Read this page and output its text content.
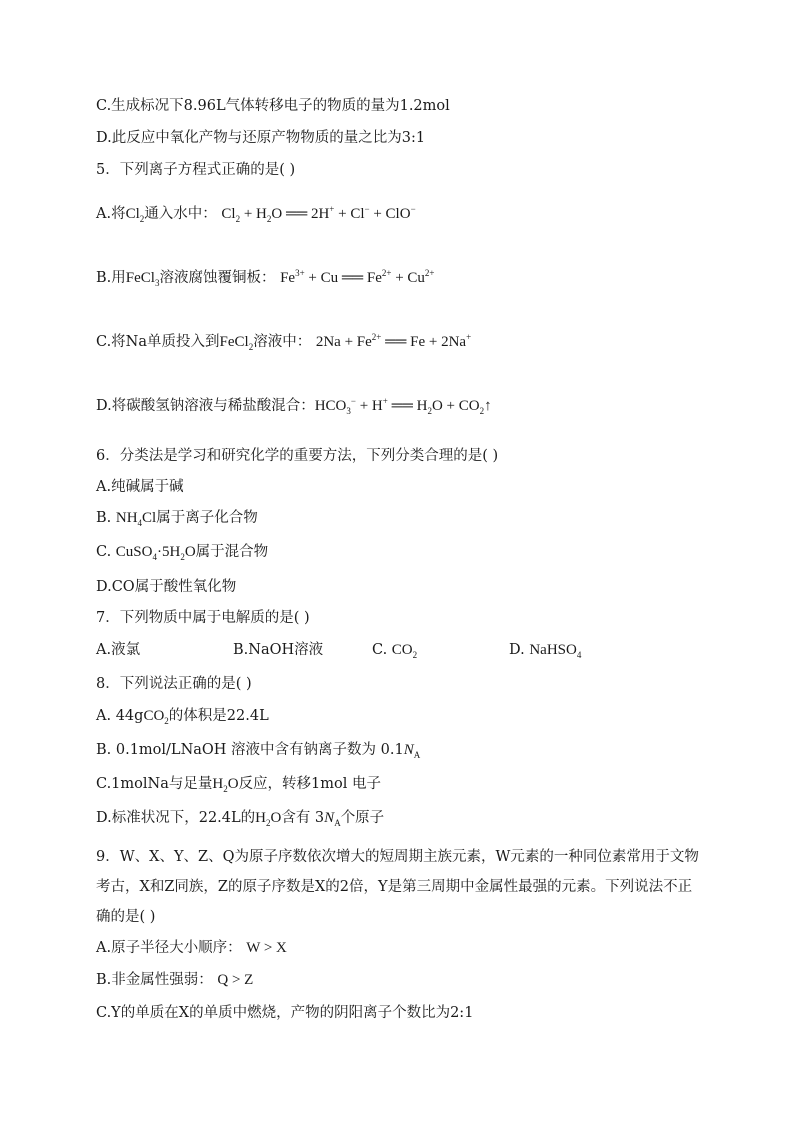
C.生成标况下8.96L气体转移电子的物质的量为1.2mol
D.此反应中氧化产物与还原产物物质的量之比为3:1
5．下列离子方程式正确的是( )
A.将$Cl_2$通入水中： $Cl_2 + H_2O$ ══ 2H+ + Cl− + ClO−
B.用FeCl$_3$溶液腐蚀覆铜板： $Fe^{3+} + Cu$ ══ $Fe^{2+} + Cu^{2+}$
C.将Na单质投入到FeCl$_2$溶液中： $2Na + Fe^{2+}$ ══ Fe + 2Na+
D.将碳酸氢钠溶液与稀盐酸混合：$HCO_3^- + H^+$ ══ $H_2O$ + $CO_2↑$
6．分类法是学习和研究化学的重要方法，下列分类合理的是( )
A.纯碱属于碱
B. $NH_4Cl$属于离子化合物
C. $CuSO_4\cdot 5H_2O$属于混合物
D.CO属于酸性氧化物
7．下列物质中属于电解质的是( )
A.液氯	B.NaOH溶液	C. $CO_2$	D. NaHSO$_4$
8．下列说法正确的是( )
A. 44gCO$_2$的体积是22.4L
B. 0.1mol/LNaOH 溶液中含有钠离子数为 $0.1N_A$
C.1molNa与足量$H_2O$反应，转移1mol 电子
D.标准状况下，22.4L的$H_2O$含有 $3N_A$个原子
9．W、X、Y、Z、Q为原子序数依次增大的短周期主族元素，W元素的一种同位素常用于文物考古，X和Z同族，Z的原子序数是X的2倍，Y是第三周期中金属性最强的元素。下列说法不正确的是( )
A.原子半径大小顺序： W > X
B.非金属性强弱： Q > Z
C.Y的单质在X的单质中燃烧，产物的阴阳离子个数比为2:1
